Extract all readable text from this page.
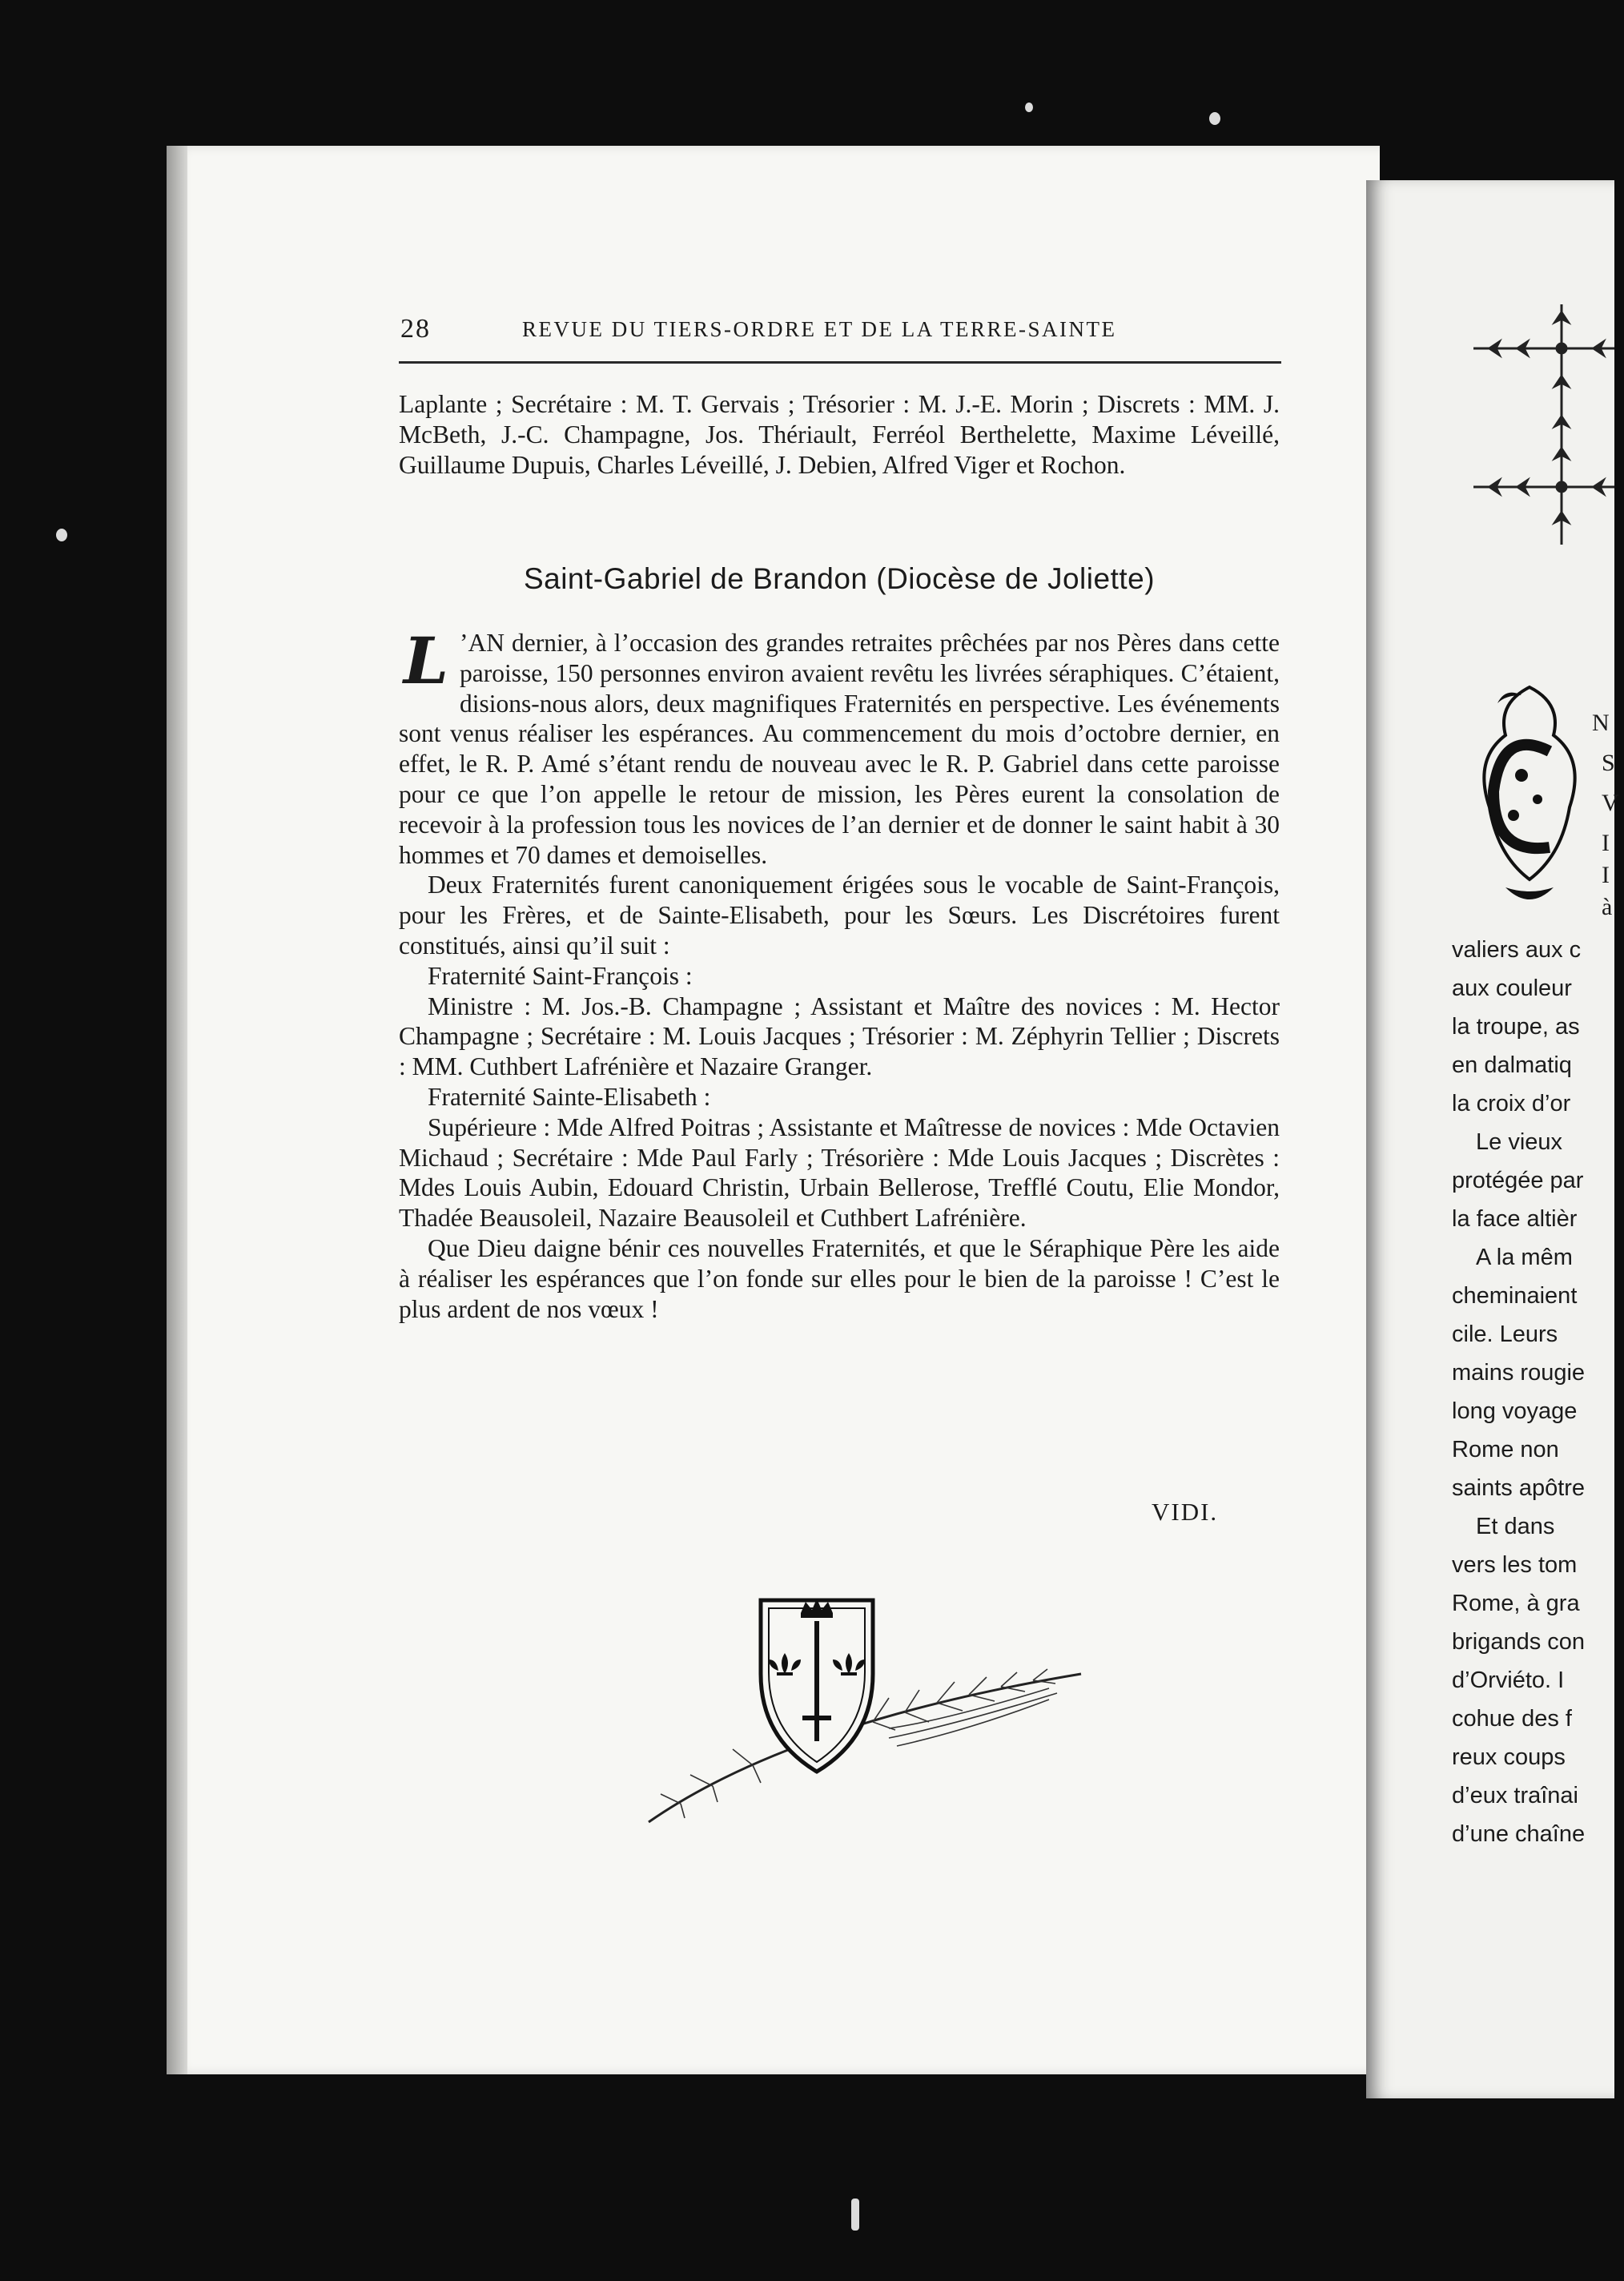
28	REVUE DU TIERS-ORDRE ET DE LA TERRE-SAINTE
Laplante ; Secrétaire : M. T. Gervais ; Trésorier : M. J.-E. Morin ; Discrets : MM. J. McBeth, J.-C. Champagne, Jos. Thériault, Ferréol Berthelette, Maxime Léveillé, Guillaume Dupuis, Charles Léveillé, J. Debien, Alfred Viger et Rochon.
Saint-Gabriel de Brandon (Diocèse de Joliette)

L ’AN dernier, à l’occasion des grandes retraites prêchées par nos Pères dans cette paroisse, 150 personnes environ avaient revêtu les livrées séraphiques. C’étaient, disions-nous alors, deux magnifiques Fraternités en perspective. Les événements sont venus réaliser les espérances. Au commencement du mois d’octobre dernier, en effet, le R. P. Amé s’étant rendu de nouveau avec le R. P. Gabriel dans cette paroisse pour ce que l’on appelle le retour de mission, les Pères eurent la consolation de recevoir à la profession tous les novices de l’an dernier et de donner le saint habit à 30 hommes et 70 dames et demoiselles.

Deux Fraternités furent canoniquement érigées sous le vocable de Saint-François, pour les Frères, et de Sainte-Elisabeth, pour les Sœurs. Les Discrétoires furent constitués, ainsi qu’il suit :

Fraternité Saint-François :

Ministre : M. Jos.-B. Champagne ; Assistant et Maître des novices : M. Hector Champagne ; Secrétaire : M. Louis Jacques ; Trésorier : M. Zéphyrin Tellier ; Discrets : MM. Cuthbert Lafrénière et Nazaire Granger.

Fraternité Sainte-Elisabeth :

Supérieure : Mde Alfred Poitras ; Assistante et Maîtresse de novices : Mde Octavien Michaud ; Secrétaire : Mde Paul Farly ; Trésorière : Mde Louis Jacques ; Discrètes : Mdes Louis Aubin, Edouard Christin, Urbain Bellerose, Trefflé Coutu, Elie Mondor, Thadée Beausoleil, Nazaire Beausoleil et Cuthbert Lafrénière.

Que Dieu daigne bénir ces nouvelles Fraternités, et que le Séraphique Père les aide à réaliser les espérances que l’on fonde sur elles pour le bien de la paroisse ! C’est le plus ardent de nos vœux !

VIDI.
N
S
V
I
I
à
valiers aux c
aux couleur
la troupe, as
en dalmatiq
la croix d’or
Le vieux
protégée par
la face altièr
A la mêm
cheminaient
cile. Leurs
mains rougie
long voyage
Rome non
saints apôtre
Et dans
vers les tom
Rome, à gra
brigands con
d’Orviéto. I
cohue des f
reux coups
d’eux traînai
d’une chaîne
